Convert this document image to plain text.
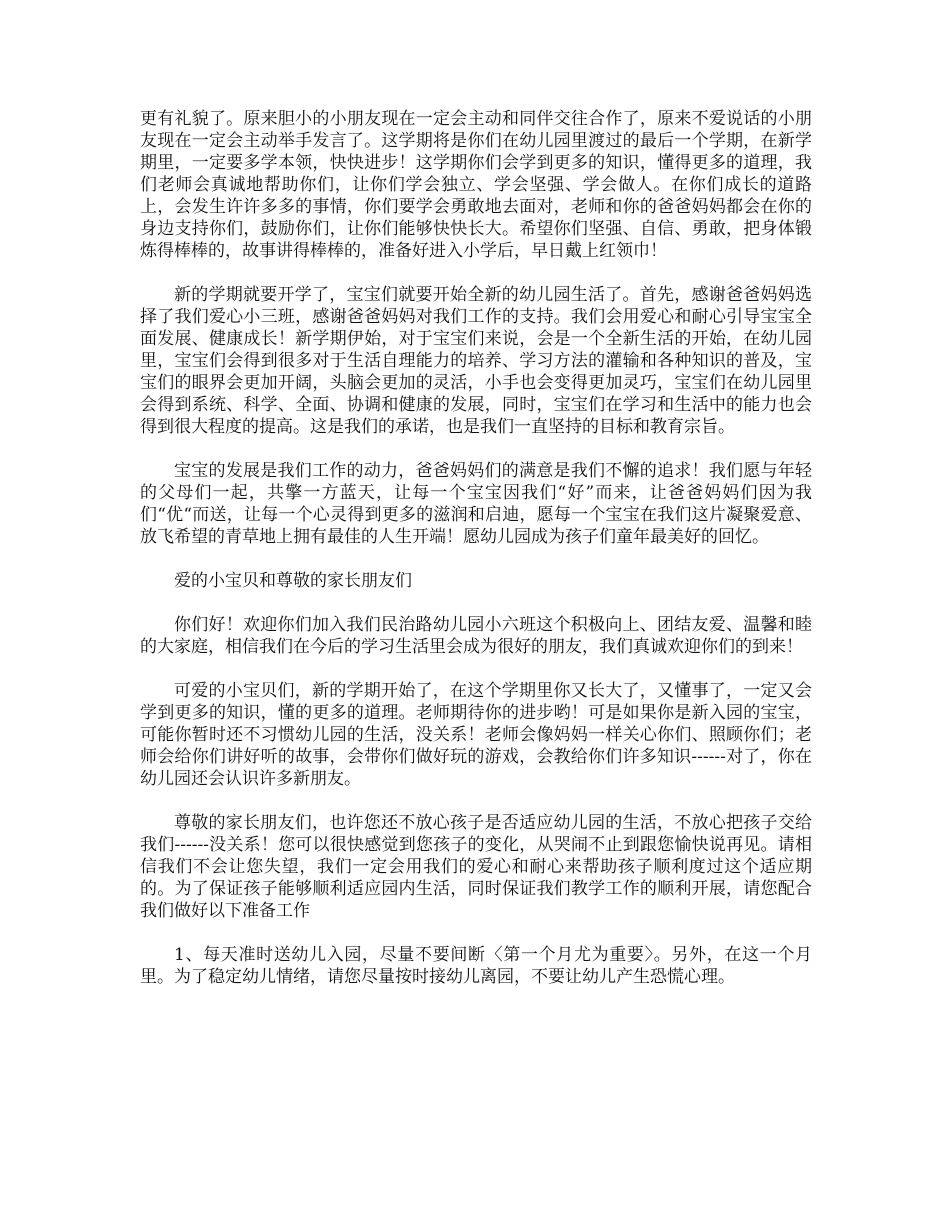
更有礼貌了。原来胆小的小朋友现在一定会主动和同伴交往合作了，原来不爱说话的小朋友现在一定会主动举手发言了。这学期将是你们在幼儿园里渡过的最后一个学期，在新学期里，一定要多学本领，快快进步！这学期你们会学到更多的知识，懂得更多的道理，我们老师会真诚地帮助你们，让你们学会独立、学会坚强、学会做人。在你们成长的道路上，会发生许许多多的事情，你们要学会勇敢地去面对，老师和你的爸爸妈妈都会在你的身边支持你们，鼓励你们，让你们能够快快长大。希望你们坚强、自信、勇敢，把身体锻炼得棒棒的，故事讲得棒棒的，准备好进入小学后，早日戴上红领巾！

新的学期就要开学了，宝宝们就要开始全新的幼儿园生活了。首先，感谢爸爸妈妈选择了我们爱心小三班，感谢爸爸妈妈对我们工作的支持。我们会用爱心和耐心引导宝宝全面发展、健康成长！新学期伊始，对于宝宝们来说，会是一个全新生活的开始，在幼儿园里，宝宝们会得到很多对于生活自理能力的培养、学习方法的灌输和各种知识的普及，宝宝们的眼界会更加开阔，头脑会更加的灵活，小手也会变得更加灵巧，宝宝们在幼儿园里会得到系统、科学、全面、协调和健康的发展，同时，宝宝们在学习和生活中的能力也会得到很大程度的提高。这是我们的承诺，也是我们一直坚持的目标和教育宗旨。

宝宝的发展是我们工作的动力，爸爸妈妈们的满意是我们不懈的追求！我们愿与年轻的父母们一起，共擎一方蓝天，让每一个宝宝因我们“好”而来，让爸爸妈妈们因为我们“优“而送，让每一个心灵得到更多的滋润和启迪，愿每一个宝宝在我们这片凝聚爱意、放飞希望的青草地上拥有最佳的人生开端！愿幼儿园成为孩子们童年最美好的回忆。

爱的小宝贝和尊敬的家长朋友们

你们好！欢迎你们加入我们民治路幼儿园小六班这个积极向上、团结友爱、温馨和睦的大家庭，相信我们在今后的学习生活里会成为很好的朋友，我们真诚欢迎你们的到来！

可爱的小宝贝们，新的学期开始了，在这个学期里你又长大了，又懂事了，一定又会学到更多的知识，懂的更多的道理。老师期待你的进步哟！可是如果你是新入园的宝宝，可能你暂时还不习惯幼儿园的生活，没关系！老师会像妈妈一样关心你们、照顾你们；老师会给你们讲好听的故事，会带你们做好玩的游戏，会教给你们许多知识------对了，你在幼儿园还会认识许多新朋友。

尊敬的家长朋友们，也许您还不放心孩子是否适应幼儿园的生活，不放心把孩子交给我们------没关系！您可以很快感觉到您孩子的变化，从哭闹不止到跟您愉快说再见。请相信我们不会让您失望，我们一定会用我们的爱心和耐心来帮助孩子顺利度过这个适应期的。为了保证孩子能够顺利适应园内生活，同时保证我们教学工作的顺利开展，请您配合我们做好以下准备工作

1、每天准时送幼儿入园，尽量不要间断〈第一个月尤为重要〉。另外，在这一个月里。为了稳定幼儿情绪，请您尽量按时接幼儿离园，不要让幼儿产生恐慌心理。
